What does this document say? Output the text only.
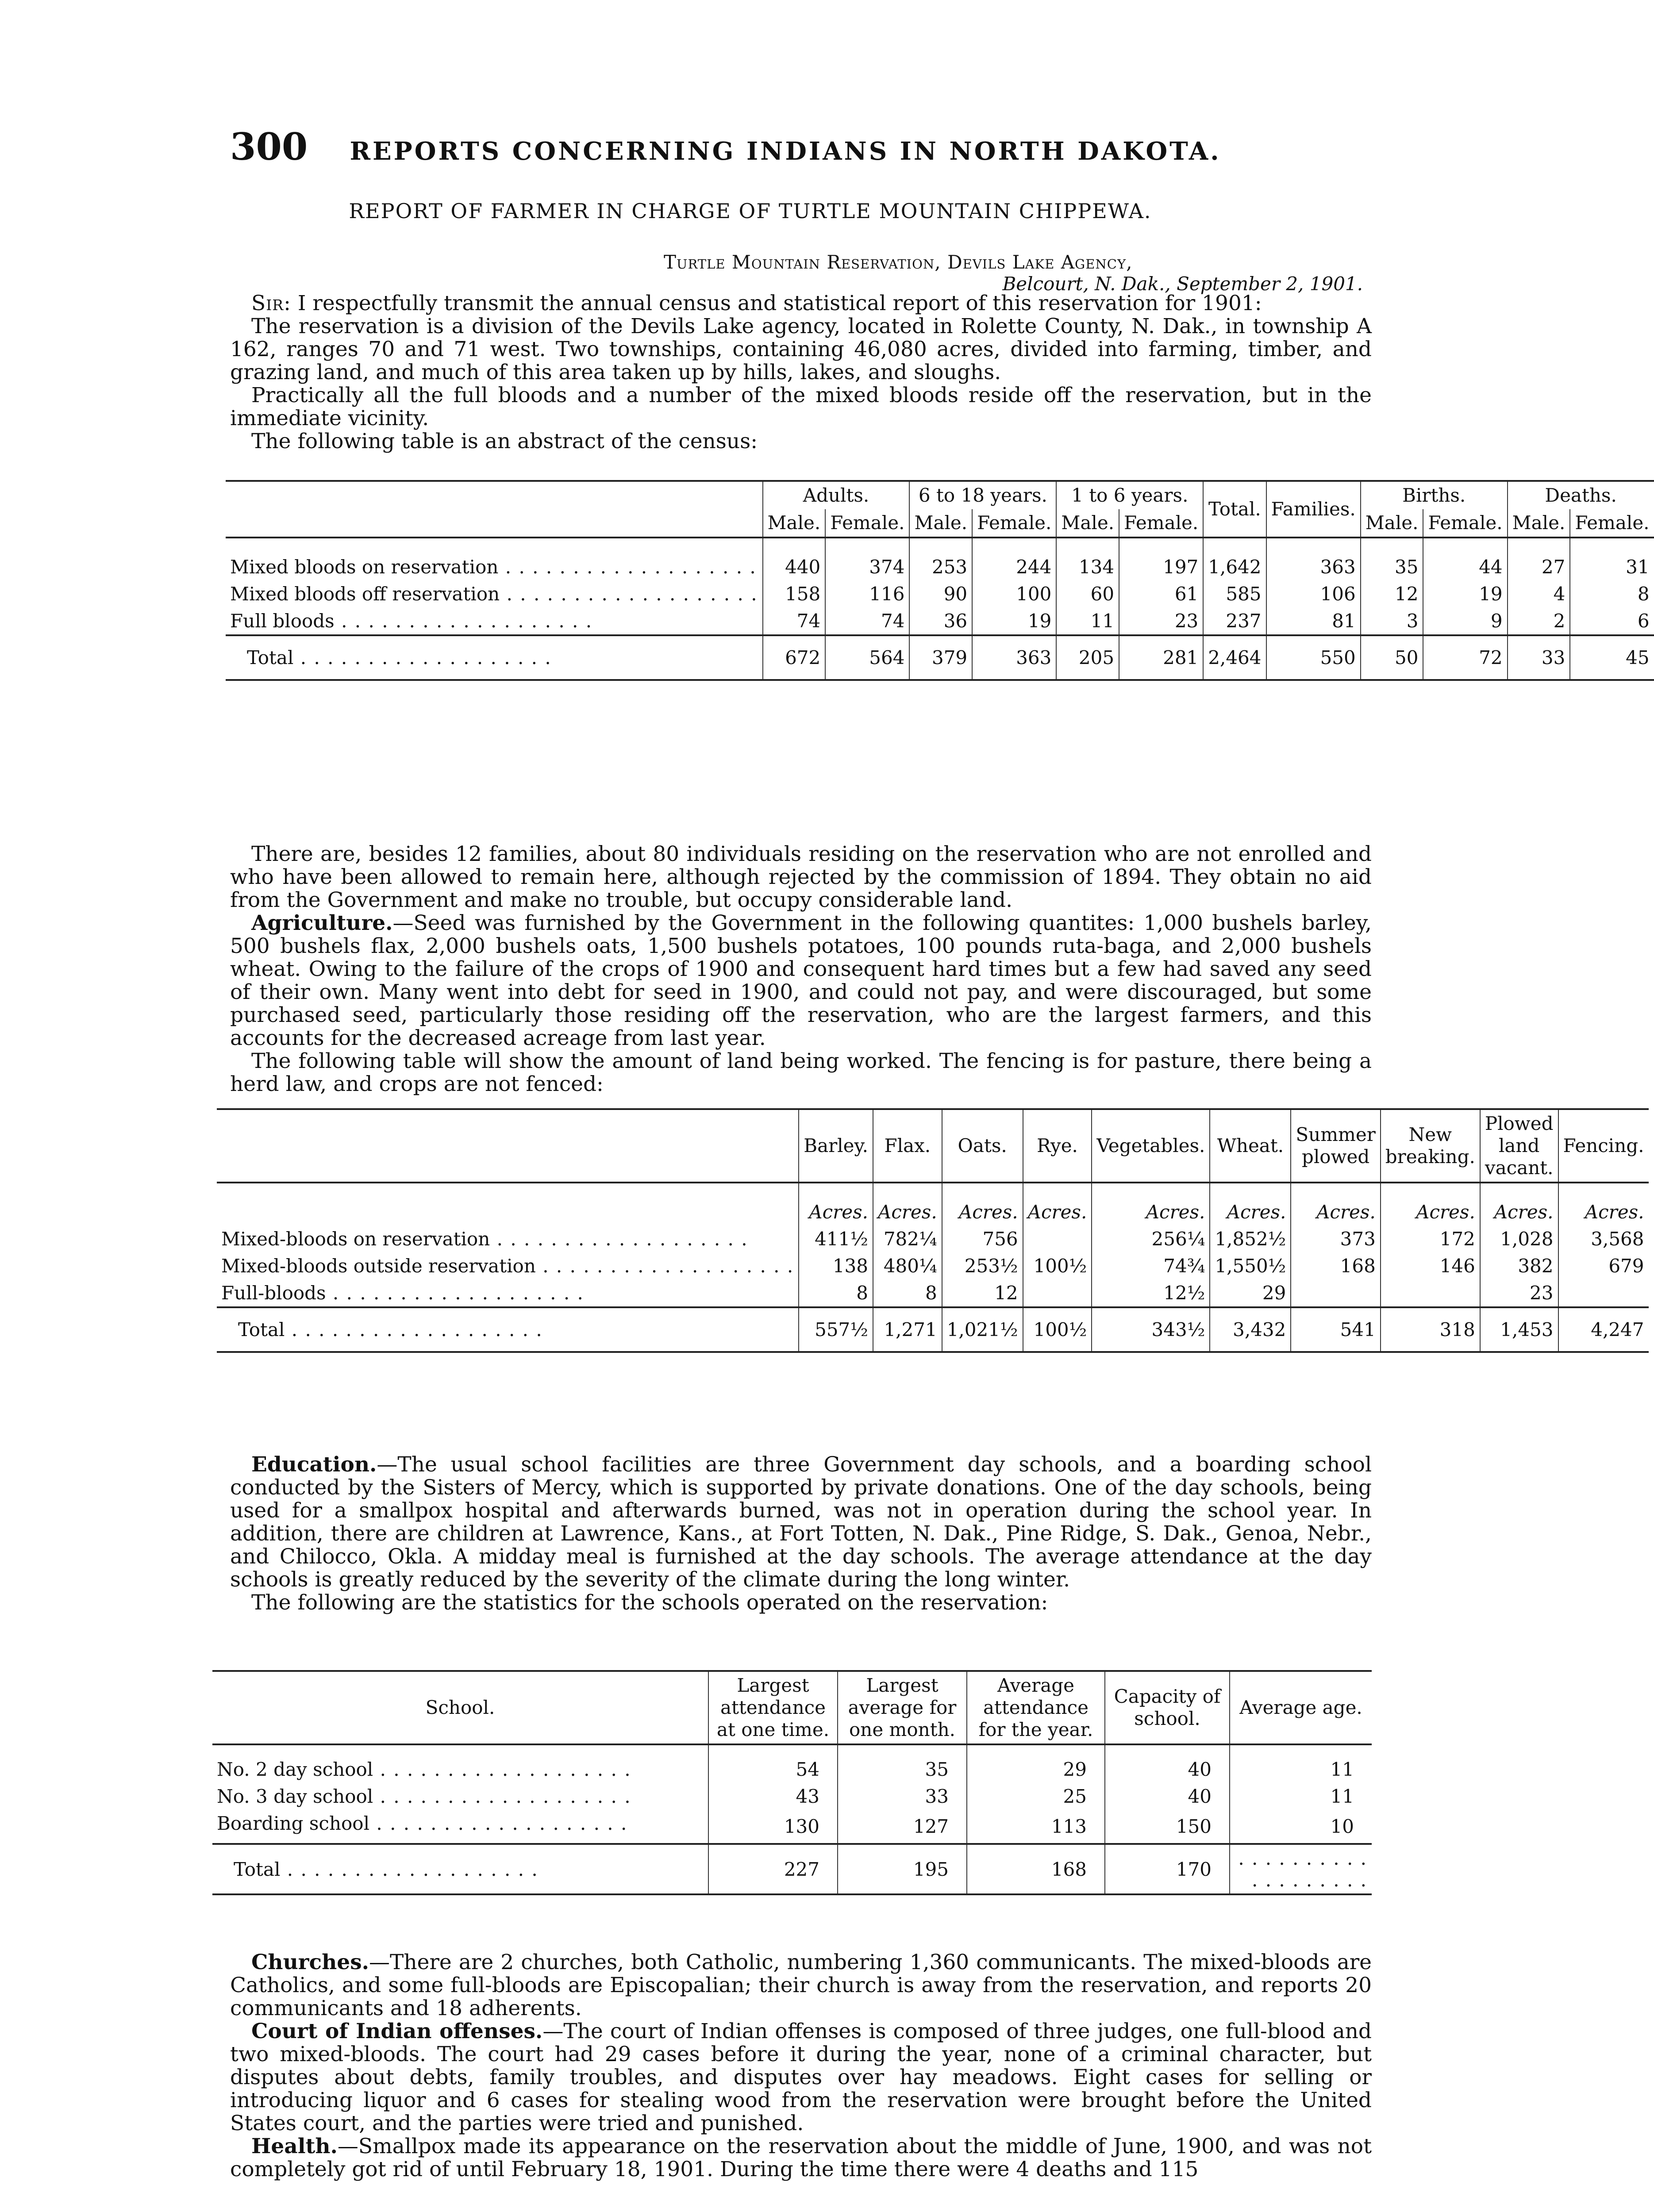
300 REPORTS CONCERNING INDIANS IN NORTH DAKOTA.
REPORT OF FARMER IN CHARGE OF TURTLE MOUNTAIN CHIPPEWA.
Turtle Mountain Reservation, Devils Lake Agency,
Belcourt, N. Dak., September 2, 1901.

Sir: I respectfully transmit the annual census and statistical report of this reservation for 1901:

The reservation is a division of the Devils Lake agency, located in Rolette County, N. Dak., in township A 162, ranges 70 and 71 west. Two townships, containing 46,080 acres, divided into farming, timber, and grazing land, and much of this area taken up by hills, lakes, and sloughs.

Practically all the full bloods and a number of the mixed bloods reside off the reservation, but in the immediate vicinity.

The following table is an abstract of the census:

	Adults.		6 to 18 years.		1 to 6 years.		Total.	Families.	Births.		Deaths.	
	Male.	Female.	Male.	Female.	Male.	Female.			Male.	Female.	Male.	Female.
Mixed bloods on reservation . . .	440	374	253	244	134	197	1,642	363	35	44	27	31
Mixed bloods off reservation . . .	158	116	90	100	60	61	585	106	12	19	4	8
Full bloods . . .	74	74	36	19	11	23	237	81	3	9	2	6
Total . . .	672	564	379	363	205	281	2,464	550	50	72	33	45

There are, besides 12 families, about 80 individuals residing on the reservation who are not enrolled and who have been allowed to remain here, although rejected by the commission of 1894. They obtain no aid from the Government and make no trouble, but occupy considerable land.

Agriculture.—Seed was furnished by the Government in the following quantites: 1,000 bushels barley, 500 bushels flax, 2,000 bushels oats, 1,500 bushels potatoes, 100 pounds ruta-baga, and 2,000 bushels wheat. Owing to the failure of the crops of 1900 and consequent hard times but a few had saved any seed of their own. Many went into debt for seed in 1900, and could not pay, and were discouraged, but some purchased seed, particularly those residing off the reservation, who are the largest farmers, and this accounts for the decreased acreage from last year.

The following table will show the amount of land being worked. The fencing is for pasture, there being a herd law, and crops are not fenced:

	Barley.	Flax.	Oats.	Rye.	Vegetables.	Wheat.	Summer plowed	New breaking.	Plowed land vacant.	Fencing.
	Acres.	Acres.	Acres.	Acres.	Acres.	Acres.	Acres.	Acres.	Acres.	Acres.
Mixed-bloods on reservation . . .	411½	782¼	756		256¼	1,852½	373	172	1,028	3,568
Mixed-bloods outside reservation . . .	138	480¼	253½	100½	74¾	1,550½	168	146	382	679
Full-bloods . . .	8	8	12		12½	29			23	
Total . . .	557½	1,271	1,021½	100½	343½	3,432	541	318	1,453	4,247

Education.—The usual school facilities are three Government day schools, and a boarding school conducted by the Sisters of Mercy, which is supported by private donations. One of the day schools, being used for a smallpox hospital and afterwards burned, was not in operation during the school year. In addition, there are children at Lawrence, Kans., at Fort Totten, N. Dak., Pine Ridge, S. Dak., Genoa, Nebr., and Chilocco, Okla. A midday meal is furnished at the day schools. The average attendance at the day schools is greatly reduced by the severity of the climate during the long winter.

The following are the statistics for the schools operated on the reservation:

School.	Largest attendance at one time.	Largest average for one month.	Average attendance for the year.	Capacity of school.	Average age.
No. 2 day school . . .	54	35	29	40	11
No. 3 day school . . .	43	33	25	40	11
Boarding school . . .	130	127	113	150	10
Total . . .	227	195	168	170	. . .

Churches.—There are 2 churches, both Catholic, numbering 1,360 communicants. The mixed-bloods are Catholics, and some full-bloods are Episcopalian; their church is away from the reservation, and reports 20 communicants and 18 adherents.

Court of Indian offenses.—The court of Indian offenses is composed of three judges, one full-blood and two mixed-bloods. The court had 29 cases before it during the year, none of a criminal character, but disputes about debts, family troubles, and disputes over hay meadows. Eight cases for selling or introducing liquor and 6 cases for stealing wood from the reservation were brought before the United States court, and the parties were tried and punished.

Health.—Smallpox made its appearance on the reservation about the middle of June, 1900, and was not completely got rid of until February 18, 1901. During the time there were 4 deaths and 115
